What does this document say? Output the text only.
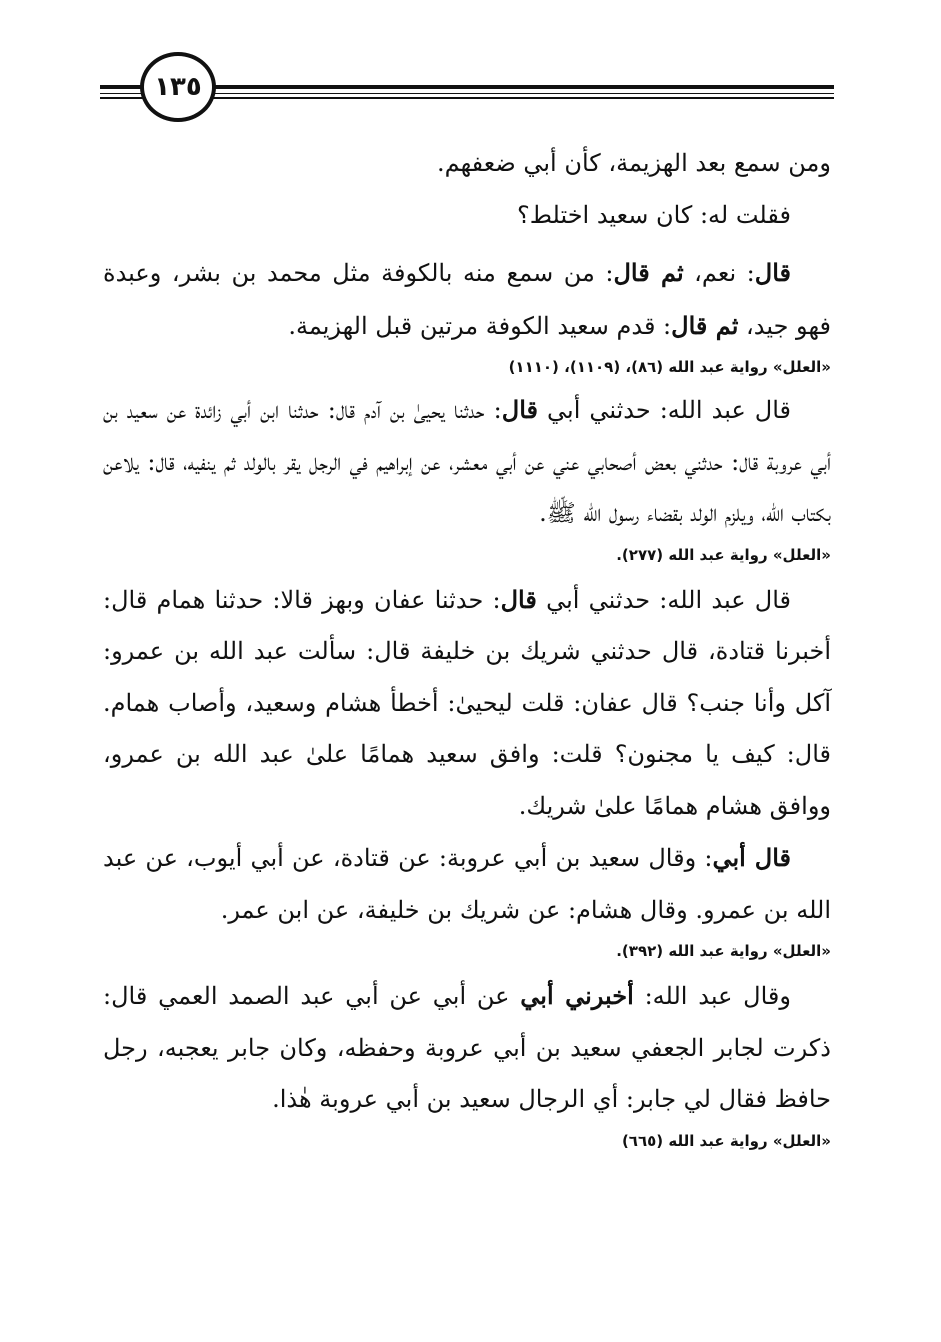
١٣٥

ومن سمع بعد الهزيمة، كأن أبي ضعفهم.

فقلت له: كان سعيد اختلط؟

قال: نعم، ثم قال: من سمع منه بالكوفة مثل محمد بن بشر، وعبدة فهو جيد، ثم قال: قدم سعيد الكوفة مرتين قبل الهزيمة.

«العلل» رواية عبد الله (٨٦)، (١١٠٩)، (١١١٠)

قال عبد الله: حدثني أبي قال: حدثنا يحيىٰ بن آدم قال: حدثنا ابن أبي زائدة عن سعيد بن أبي عروبة قال: حدثني بعض أصحابي عني عن أبي معشر، عن إبراهيم في الرجل يقر بالولد ثم ينفيه، قال: يلاعن بكتاب الله، ويلزم الولد بقضاء رسول الله ﷺ.

«العلل» رواية عبد الله (٢٧٧).

قال عبد الله: حدثني أبي قال: حدثنا عفان وبهز قالا: حدثنا همام قال: أخبرنا قتادة، قال حدثني شريك بن خليفة قال: سألت عبد الله بن عمرو: آكل وأنا جنب؟ قال عفان: قلت ليحيىٰ: أخطأ هشام وسعيد، وأصاب همام. قال: كيف يا مجنون؟ قلت: وافق سعيد همامًا علىٰ عبد الله بن عمرو، ووافق هشام همامًا علىٰ شريك.

قال أبي: وقال سعيد بن أبي عروبة: عن قتادة، عن أبي أيوب، عن عبد الله بن عمرو. وقال هشام: عن شريك بن خليفة، عن ابن عمر.

«العلل» رواية عبد الله (٣٩٢).

وقال عبد الله: أخبرني أبي عن أبي عن أبي عبد الصمد العمي قال: ذكرت لجابر الجعفي سعيد بن أبي عروبة وحفظه، وكان جابر يعجبه، رجل حافظ فقال لي جابر: أي الرجال سعيد بن أبي عروبة هٰذا.

«العلل» رواية عبد الله (٦٦٥)
